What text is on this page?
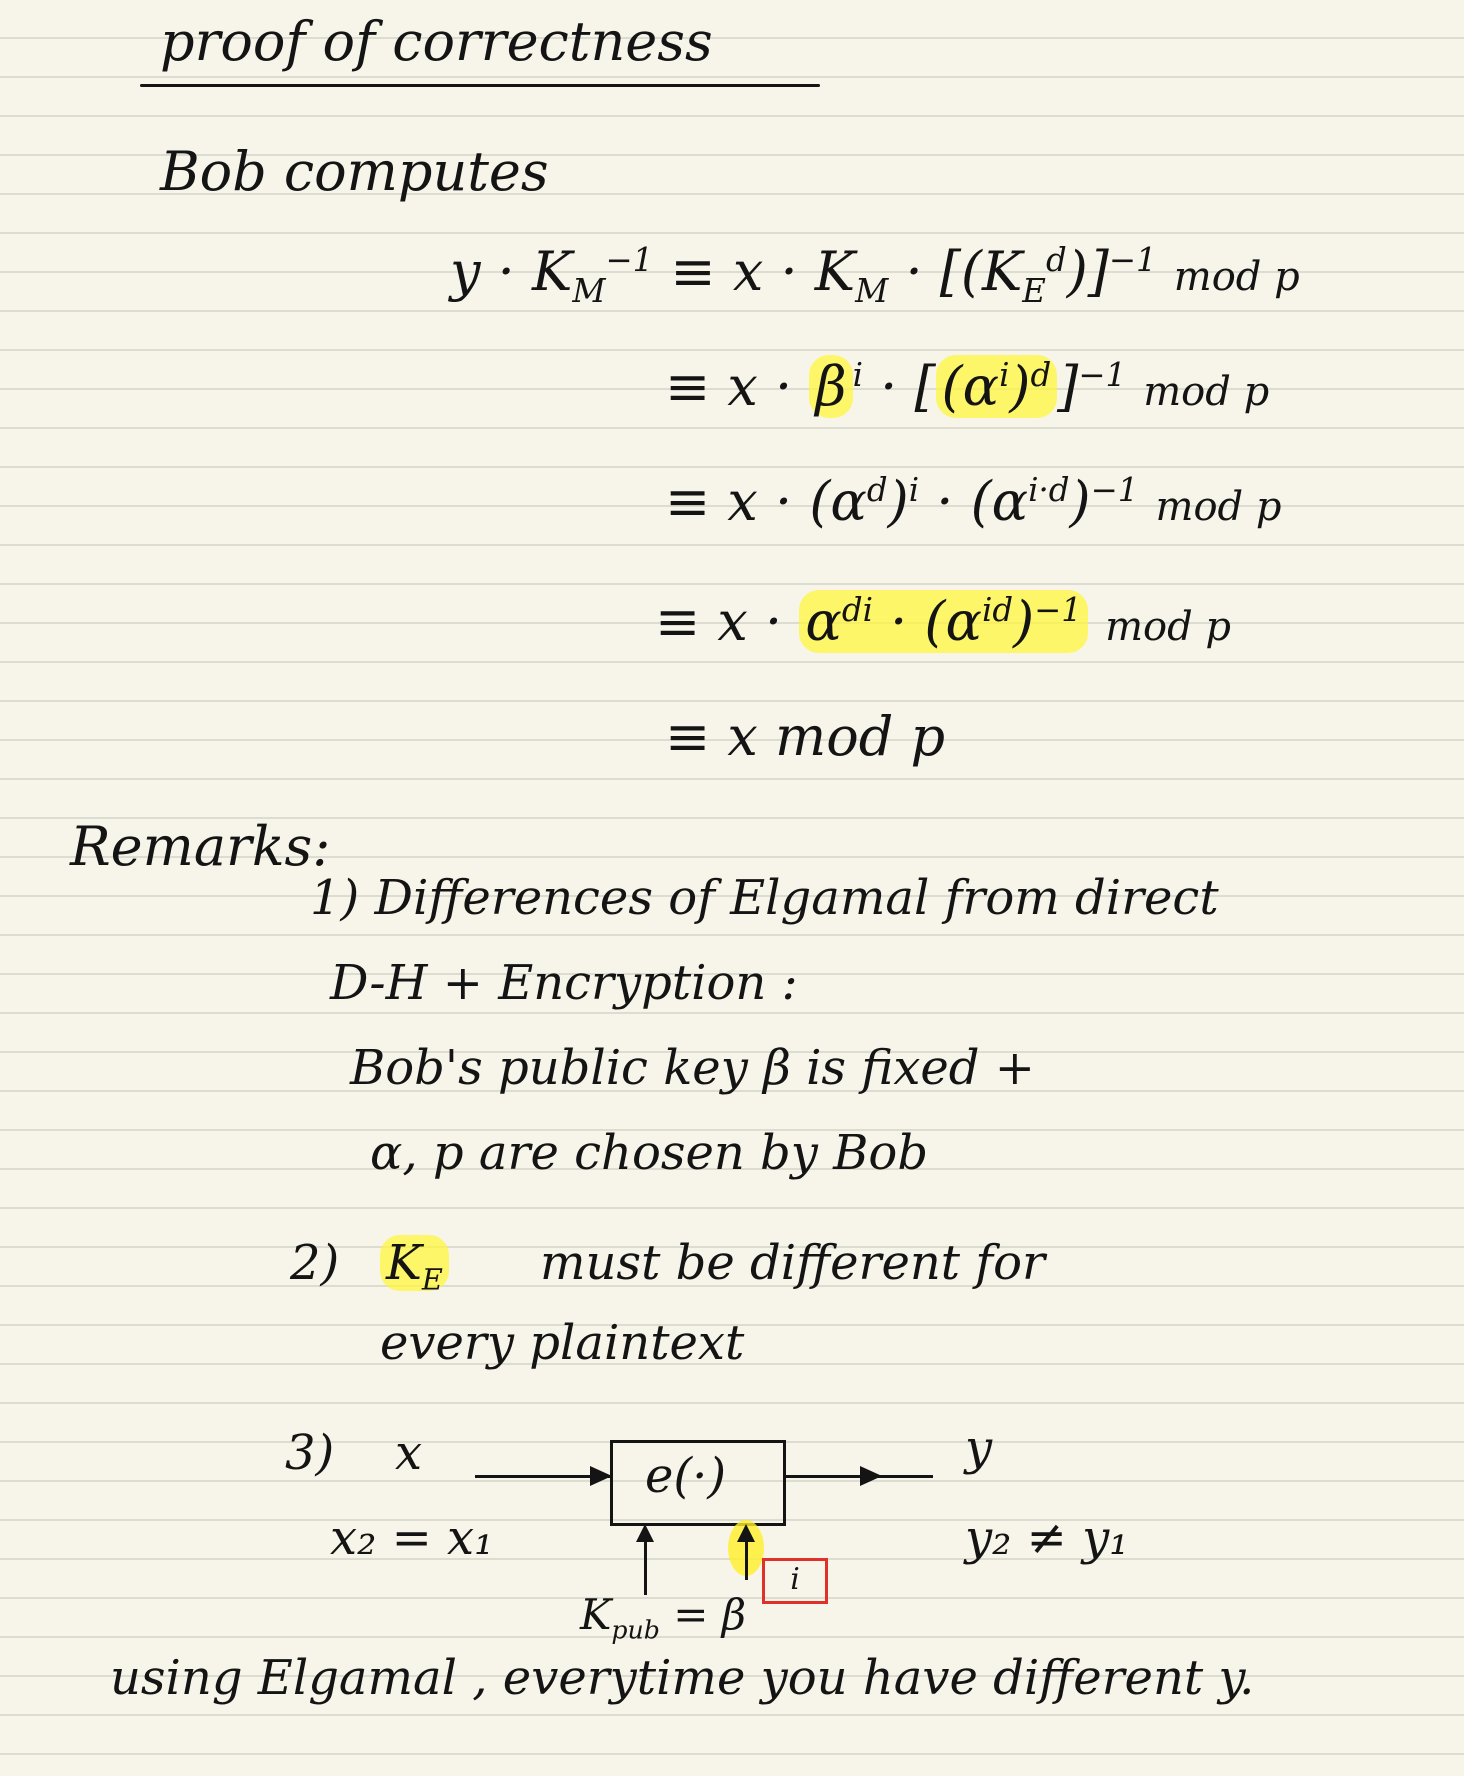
proof of correctness
Bob computes
$y \cdot K_M^{-1} \equiv x \cdot K_M \cdot [(K_E^d)]^{-1}$ mod p
≡ x · β $^i$ · [ $(\alpha^i)^d$ ]$^{-1}$ mod p
≡ $x \cdot (\alpha^d)^i \cdot (\alpha^{i\cdot d})^{-1}$ mod p
≡ $x \cdot \alpha^{di} \cdot (\alpha^{id})^{-1}$ mod p
≡ x mod p
Remarks:
1) Differences of Elgamal from direct
D-H + Encryption :
Bob's public key β is fixed +
α, p are chosen by Bob
2) $K_E$ must be different for
every plaintext
3) x	e(·)	y
x₂ = x₁	y₂ ≠ y₁
i
$K_{pub} = \beta$
using Elgamal , everytime you have different y.
